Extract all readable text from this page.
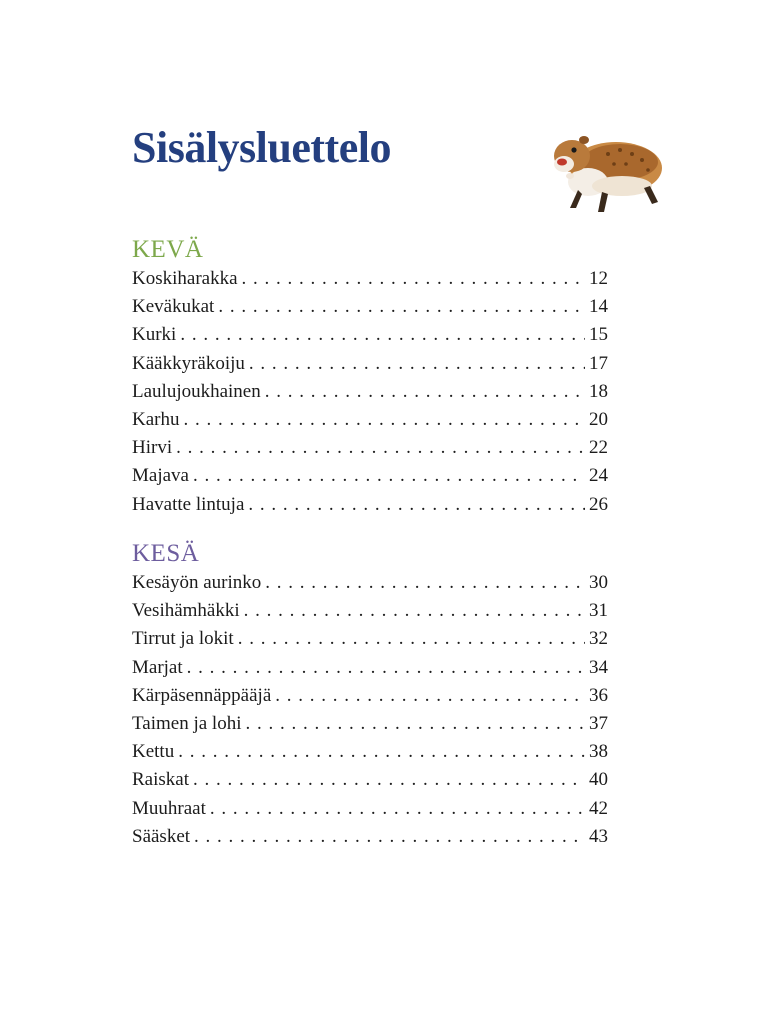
Sisälysluettelo
KEVÄ
Koskiharakka . . .	12
Keväkukat . . .	14
Kurki . . .	15
Kääkkyräkoiju . . .	17
Laulujoukhainen . . .	18
Karhu . . .	20
Hirvi . . .	22
Majava . . .	24
Havatte lintuja . . .	26
KESÄ
Kesäyön aurinko . . .	30
Vesihämhäkki . . .	31
Tirrut ja lokit . . .	32
Marjat . . .	34
Kärpäsennäppääjä . . .	36
Taimen ja lohi . . .	37
Kettu . . .	38
Raiskat . . .	40
Muuhraat . . .	42
Sääsket . . .	43
